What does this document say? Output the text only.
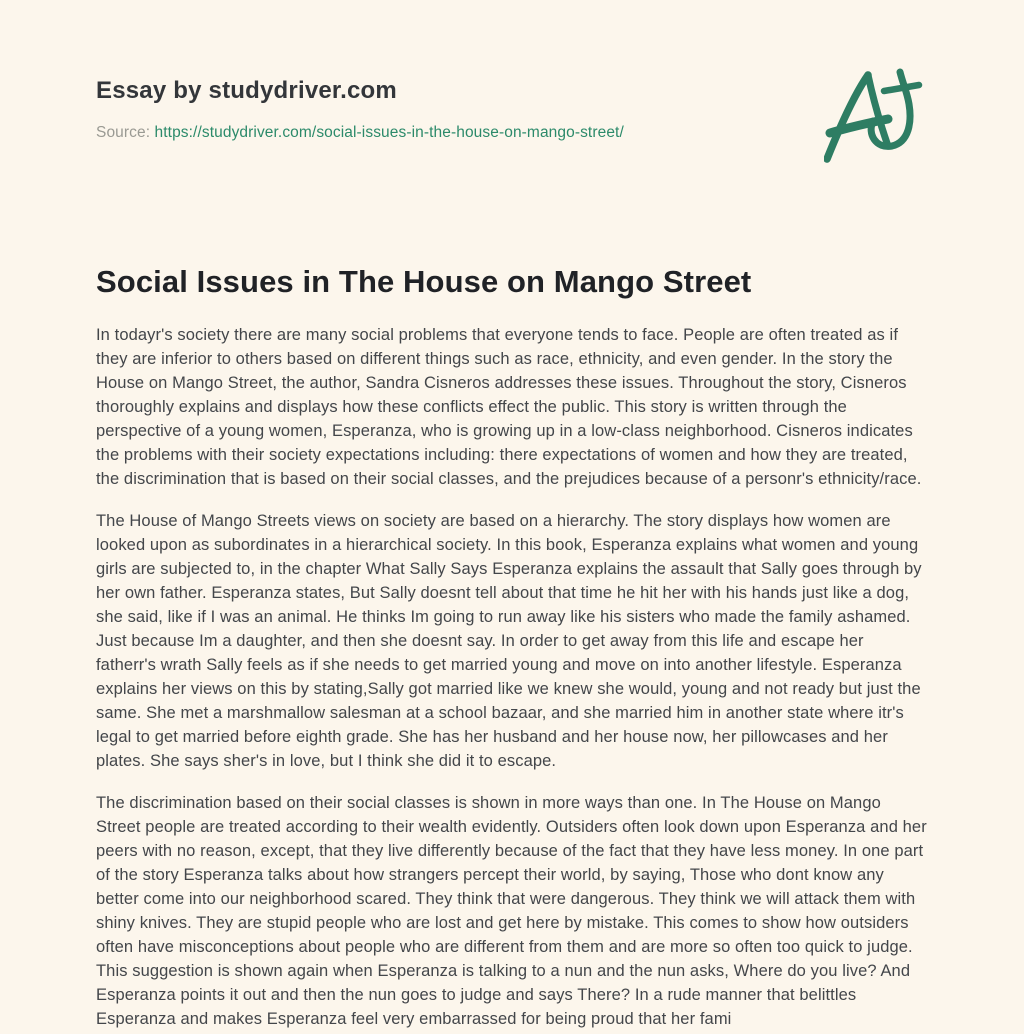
Essay by studydriver.com
Source: https://studydriver.com/social-issues-in-the-house-on-mango-street/
Social Issues in The House on Mango Street

In todayr's society there are many social problems that everyone tends to face. People are often treated as if they are inferior to others based on different things such as race, ethnicity, and even gender. In the story the House on Mango Street, the author, Sandra Cisneros addresses these issues. Throughout the story, Cisneros thoroughly explains and displays how these conflicts effect the public. This story is written through the perspective of a young women, Esperanza, who is growing up in a low-class neighborhood. Cisneros indicates the problems with their society expectations including: there expectations of women and how they are treated, the discrimination that is based on their social classes, and the prejudices because of a personr's ethnicity/race.

The House of Mango Streets views on society are based on a hierarchy. The story displays how women are looked upon as subordinates in a hierarchical society. In this book, Esperanza explains what women and young girls are subjected to, in the chapter What Sally Says Esperanza explains the assault that Sally goes through by her own father. Esperanza states, But Sally doesnt tell about that time he hit her with his hands just like a dog, she said, like if I was an animal. He thinks Im going to run away like his sisters who made the family ashamed. Just because Im a daughter, and then she doesnt say. In order to get away from this life and escape her fatherr's wrath Sally feels as if she needs to get married young and move on into another lifestyle. Esperanza explains her views on this by stating,Sally got married like we knew she would, young and not ready but just the same. She met a marshmallow salesman at a school bazaar, and she married him in another state where itr's legal to get married before eighth grade. She has her husband and her house now, her pillowcases and her plates. She says sher's in love, but I think she did it to escape.

The discrimination based on their social classes is shown in more ways than one. In The House on Mango Street people are treated according to their wealth evidently. Outsiders often look down upon Esperanza and her peers with no reason, except, that they live differently because of the fact that they have less money. In one part of the story Esperanza talks about how strangers percept their world, by saying, Those who dont know any better come into our neighborhood scared. They think that were dangerous. They think we will attack them with shiny knives. They are stupid people who are lost and get here by mistake. This comes to show how outsiders often have misconceptions about people who are different from them and are more so often too quick to judge. This suggestion is shown again when Esperanza is talking to a nun and the nun asks, Where do you live? And Esperanza points it out and then the nun goes to judge and says There? In a rude manner that belittles Esperanza and makes Esperanza feel very embarrassed for being proud that her fami
